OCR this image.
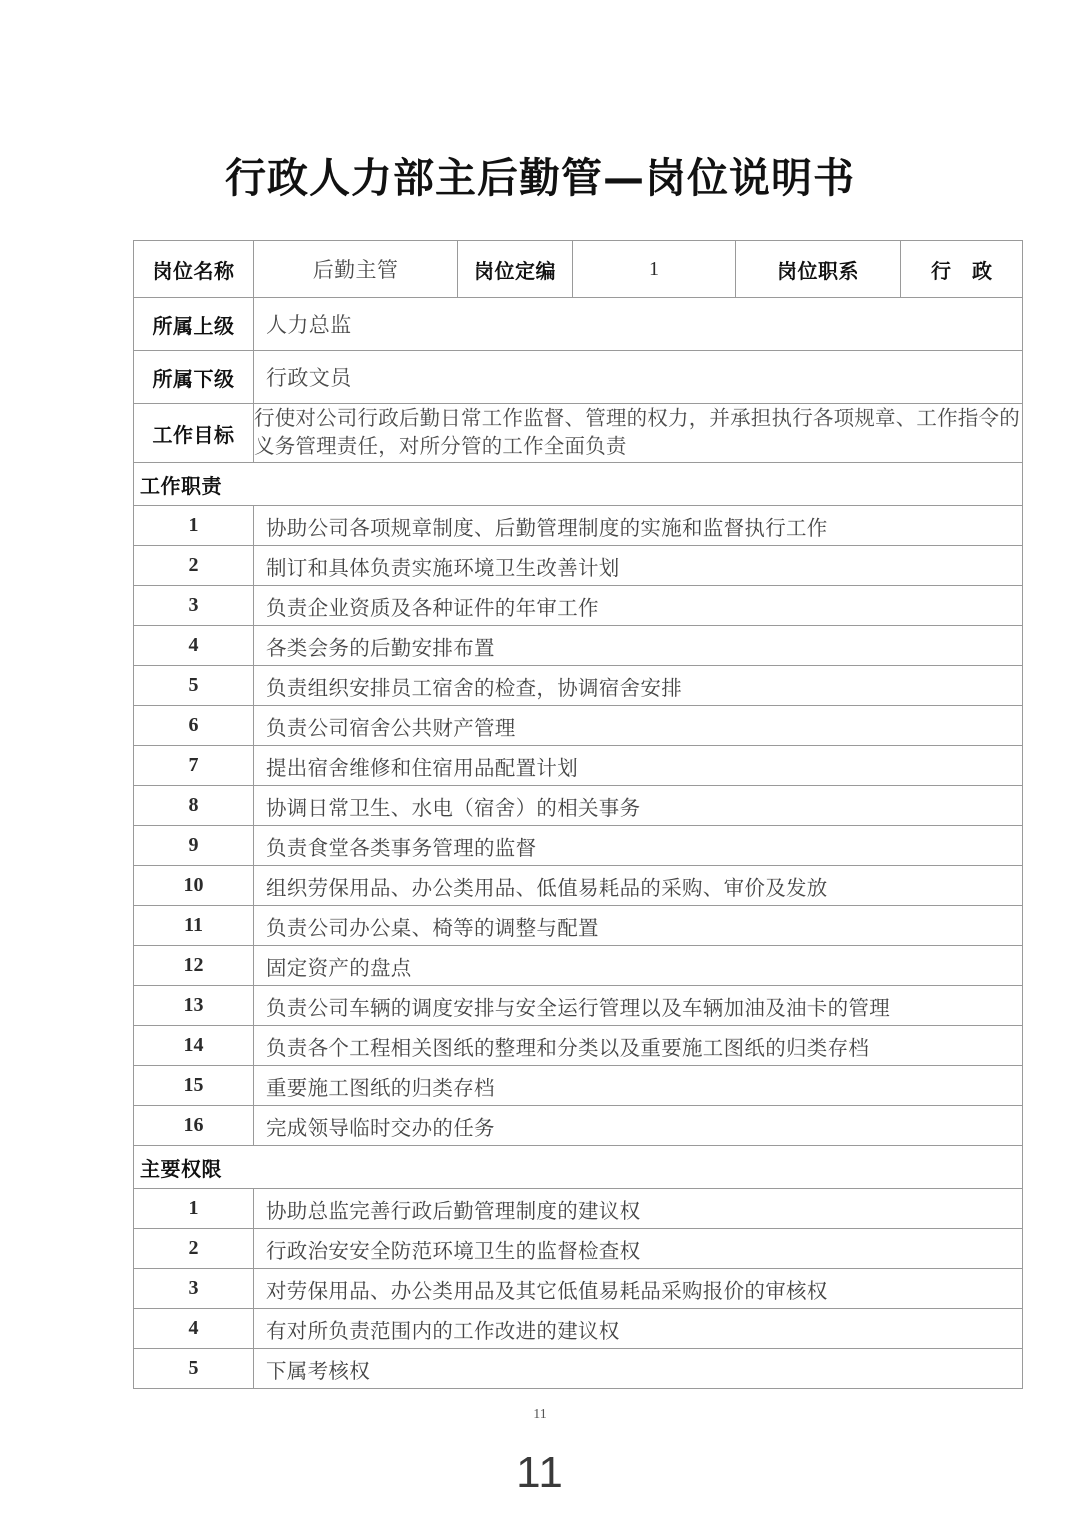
行政人力部主后勤管—岗位说明书
岗位名称	后勤主管	岗位定编	1	岗位职系	行 政
所属上级	人力总监				
所属下级	行政文员				
工作目标	行使对公司行政后勤日常工作监督、管理的权力，并承担执行各项规章、工作指令的义务管理责任，对所分管的工作全面负责				
工作职责					
1	协助公司各项规章制度、后勤管理制度的实施和监督执行工作				
2	制订和具体负责实施环境卫生改善计划				
3	负责企业资质及各种证件的年审工作				
4	各类会务的后勤安排布置				
5	负责组织安排员工宿舍的检查，协调宿舍安排				
6	负责公司宿舍公共财产管理				
7	提出宿舍维修和住宿用品配置计划				
8	协调日常卫生、水电（宿舍）的相关事务				
9	负责食堂各类事务管理的监督				
10	组织劳保用品、办公类用品、低值易耗品的采购、审价及发放				
11	负责公司办公桌、椅等的调整与配置				
12	固定资产的盘点				
13	负责公司车辆的调度安排与安全运行管理以及车辆加油及油卡的管理				
14	负责各个工程相关图纸的整理和分类以及重要施工图纸的归类存档				
15	重要施工图纸的归类存档				
16	完成领导临时交办的任务				
主要权限					
1	协助总监完善行政后勤管理制度的建议权				
2	行政治安安全防范环境卫生的监督检查权				
3	对劳保用品、办公类用品及其它低值易耗品采购报价的审核权				
4	有对所负责范围内的工作改进的建议权				
5	下属考核权				
11
11
